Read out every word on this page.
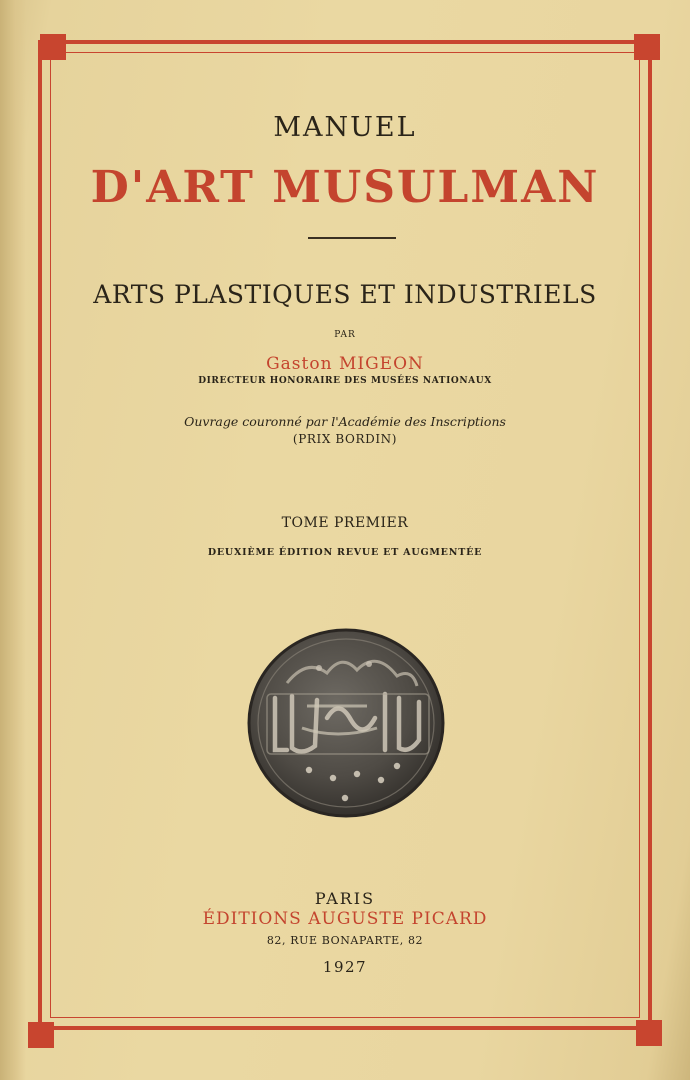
MANUEL

D'ART MUSULMAN

ARTS PLASTIQUES ET INDUSTRIELS

PAR

Gaston MIGEON

DIRECTEUR HONORAIRE DES MUSÉES NATIONAUX

Ouvrage couronné par l'Académie des Inscriptions

(PRIX BORDIN)

TOME PREMIER

DEUXIÈME ÉDITION REVUE ET AUGMENTÉE

PARIS

ÉDITIONS AUGUSTE PICARD

82, RUE BONAPARTE, 82

1927
